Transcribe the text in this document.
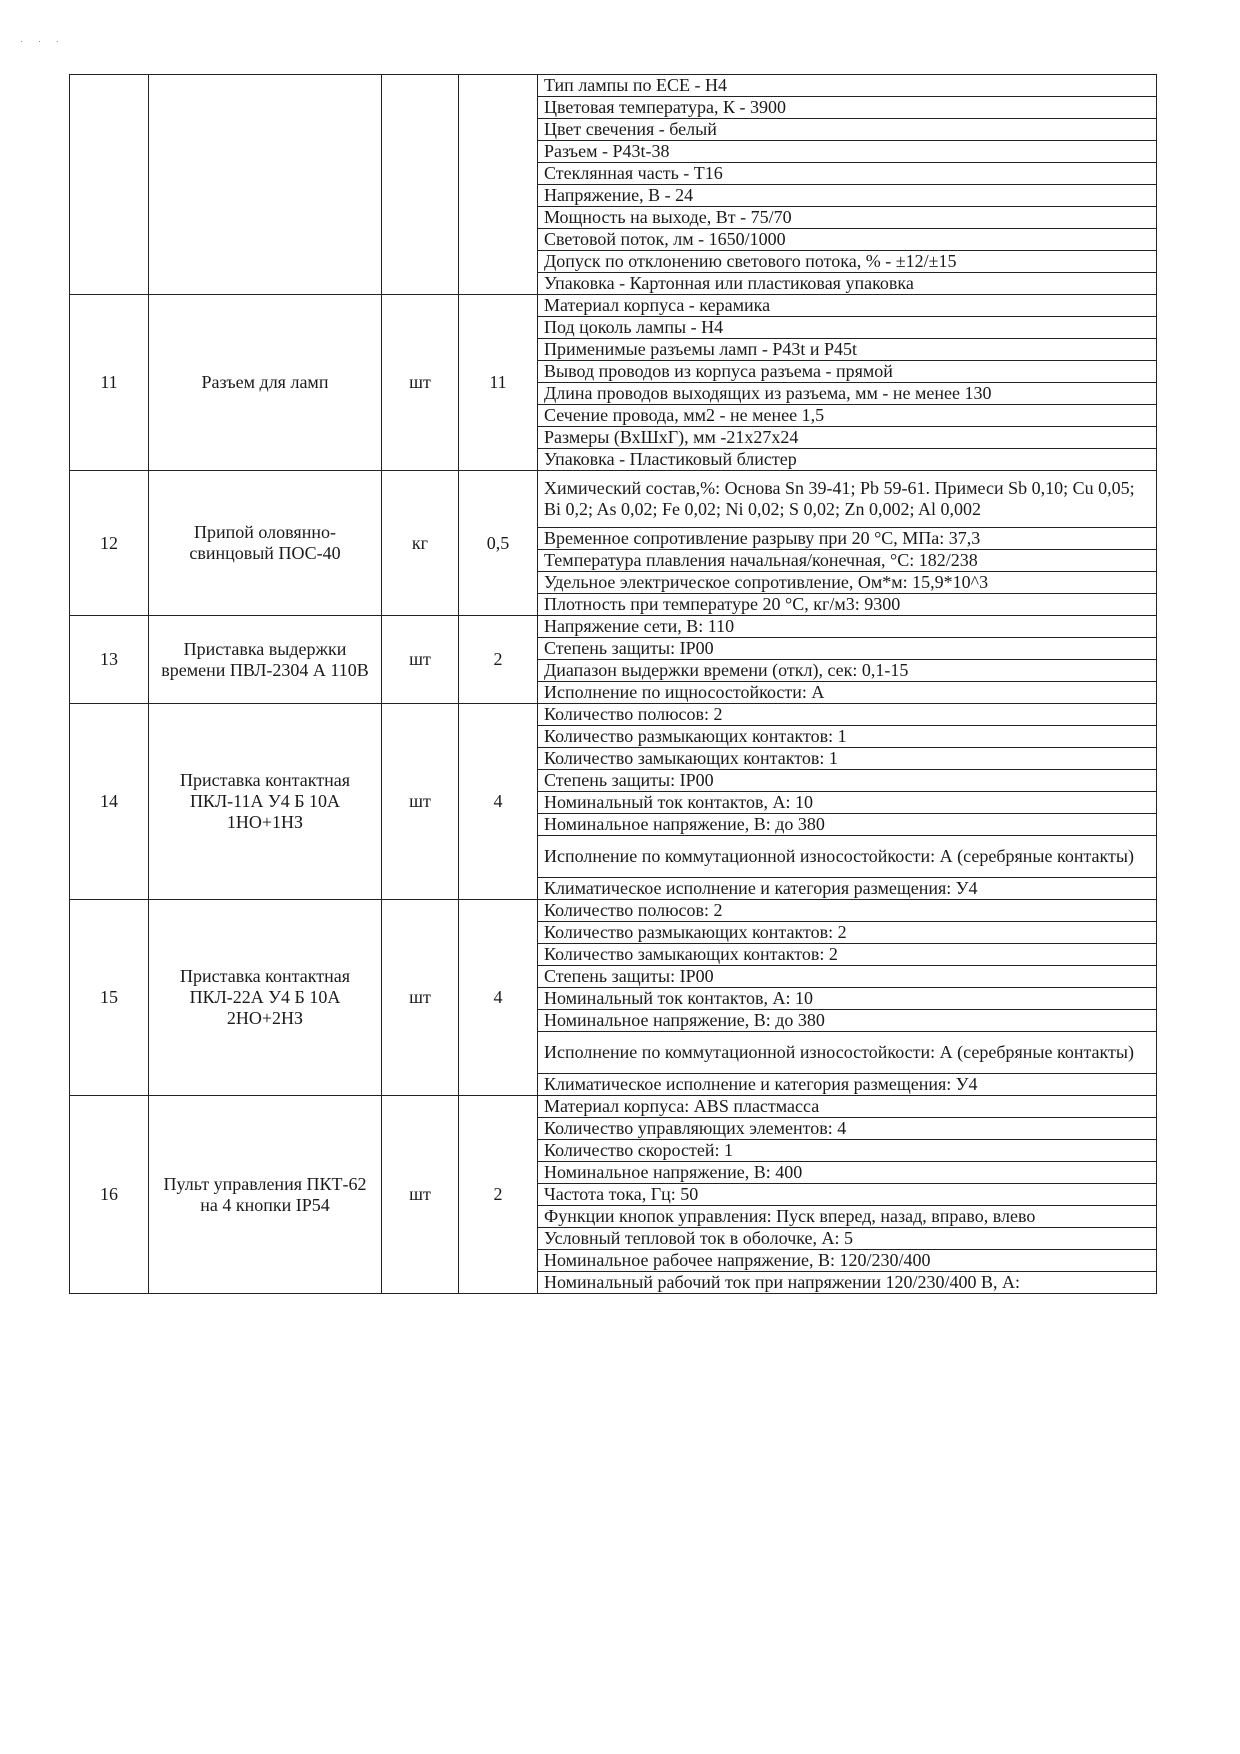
˙ ˙ ˙
				Тип лампы по ECE - H4
				Цветовая температура, К - 3900
				Цвет свечения - белый
				Разъем - P43t-38
				Стеклянная часть - T16
				Напряжение, В - 24
				Мощность на выходе, Вт - 75/70
				Световой поток, лм - 1650/1000
				Допуск по отклонению светового потока, % - ±12/±15
				Упаковка - Картонная или пластиковая упаковка
11	Разъем для ламп	шт	11	Материал корпуса - керамика
				Под цоколь лампы - H4
				Применимые разъемы ламп - P43t и P45t
				Вывод проводов из корпуса разъема - прямой
				Длина проводов выходящих из разъема, мм - не менее 130
				Сечение провода, мм2 - не менее 1,5
				Размеры (ВхШхГ), мм -21x27x24
				Упаковка - Пластиковый блистер
12	Припой оловянно-свинцовый ПОС-40	кг	0,5	Химический состав,%: Основа Sn 39-41; Pb 59-61. Примеси Sb 0,10; Cu 0,05; Bi 0,2; As 0,02; Fe 0,02; Ni 0,02; S 0,02; Zn 0,002; Al 0,002
				Временное сопротивление разрыву при 20 °C, МПа: 37,3
				Температура плавления начальная/конечная, °C: 182/238
				Удельное электрическое сопротивление, Ом*м: 15,9*10^3
				Плотность при температуре 20 °C, кг/м3: 9300
13	Приставка выдержки времени ПВЛ-2304 А 110В	шт	2	Напряжение сети, В: 110
				Степень защиты: IP00
				Диапазон выдержки времени (откл), сек: 0,1-15
				Исполнение по ищносостойкости: А
14	Приставка контактная ПКЛ-11А У4 Б 10А 1НО+1НЗ	шт	4	Количество полюсов: 2
				Количество размыкающих контактов: 1
				Количество замыкающих контактов: 1
				Степень защиты: IP00
				Номинальный ток контактов, А: 10
				Номинальное напряжение, В: до 380
				Исполнение по коммутационной износостойкости: А (серебряные контакты)
				Климатическое исполнение и категория размещения: У4
15	Приставка контактная ПКЛ-22А У4 Б 10А 2НО+2НЗ	шт	4	Количество полюсов: 2
				Количество размыкающих контактов: 2
				Количество замыкающих контактов: 2
				Степень защиты: IP00
				Номинальный ток контактов, А: 10
				Номинальное напряжение, В: до 380
				Исполнение по коммутационной износостойкости: А (серебряные контакты)
				Климатическое исполнение и категория размещения: У4
16	Пульт управления ПКТ-62 на 4 кнопки IP54	шт	2	Материал корпуса: ABS пластмасса
				Количество управляющих элементов: 4
				Количество скоростей: 1
				Номинальное напряжение, В: 400
				Частота тока, Гц: 50
				Функции кнопок управления: Пуск вперед, назад, вправо, влево
				Условный тепловой ток в оболочке, А: 5
				Номинальное рабочее напряжение, В: 120/230/400
				Номинальный рабочий ток при напряжении 120/230/400 В, А:
